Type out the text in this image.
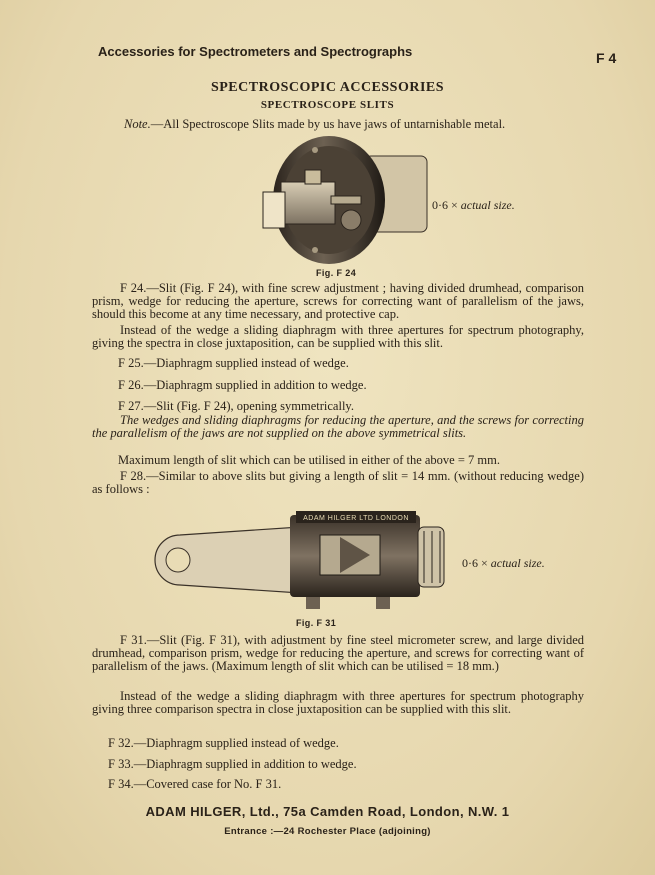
Accessories for Spectrometers and Spectrographs	F 4
SPECTROSCOPIC ACCESSORIES
SPECTROSCOPE SLITS
Note.—All Spectroscope Slits made by us have jaws of untarnishable metal.
0·6 × actual size.
Fig. F 24

F 24.—Slit (Fig. F 24), with fine screw adjustment ; having divided drumhead, comparison prism, wedge for reducing the aperture, screws for correcting want of parallelism of the jaws, should this become at any time necessary, and protective cap.

Instead of the wedge a sliding diaphragm with three apertures for spectrum photography, giving the spectra in close juxtaposition, can be supplied with this slit.

F 25.—Diaphragm supplied instead of wedge.
F 26.—Diaphragm supplied in addition to wedge.
F 27.—Slit (Fig. F 24), opening symmetrically.

The wedges and sliding diaphragms for reducing the aperture, and the screws for correcting the parallelism of the jaws are not supplied on the above symmetrical slits.

Maximum length of slit which can be utilised in either of the above = 7 mm.

F 28.—Similar to above slits but giving a length of slit = 14 mm. (without reducing wedge) as follows :

ADAM HILGER LTD LONDON
0·6 × actual size.
Fig. F 31

F 31.—Slit (Fig. F 31), with adjustment by fine steel micrometer screw, and large divided drumhead, comparison prism, wedge for reducing the aperture, and screws for correcting want of parallelism of the jaws. (Maximum length of slit which can be utilised = 18 mm.)

Instead of the wedge a sliding diaphragm with three apertures for spectrum photography giving three comparison spectra in close juxtaposition can be supplied with this slit.

F 32.—Diaphragm supplied instead of wedge.
F 33.—Diaphragm supplied in addition to wedge.
F 34.—Covered case for No. F 31.
ADAM HILGER, Ltd., 75a Camden Road, London, N.W. 1
Entrance :—24 Rochester Place (adjoining)
